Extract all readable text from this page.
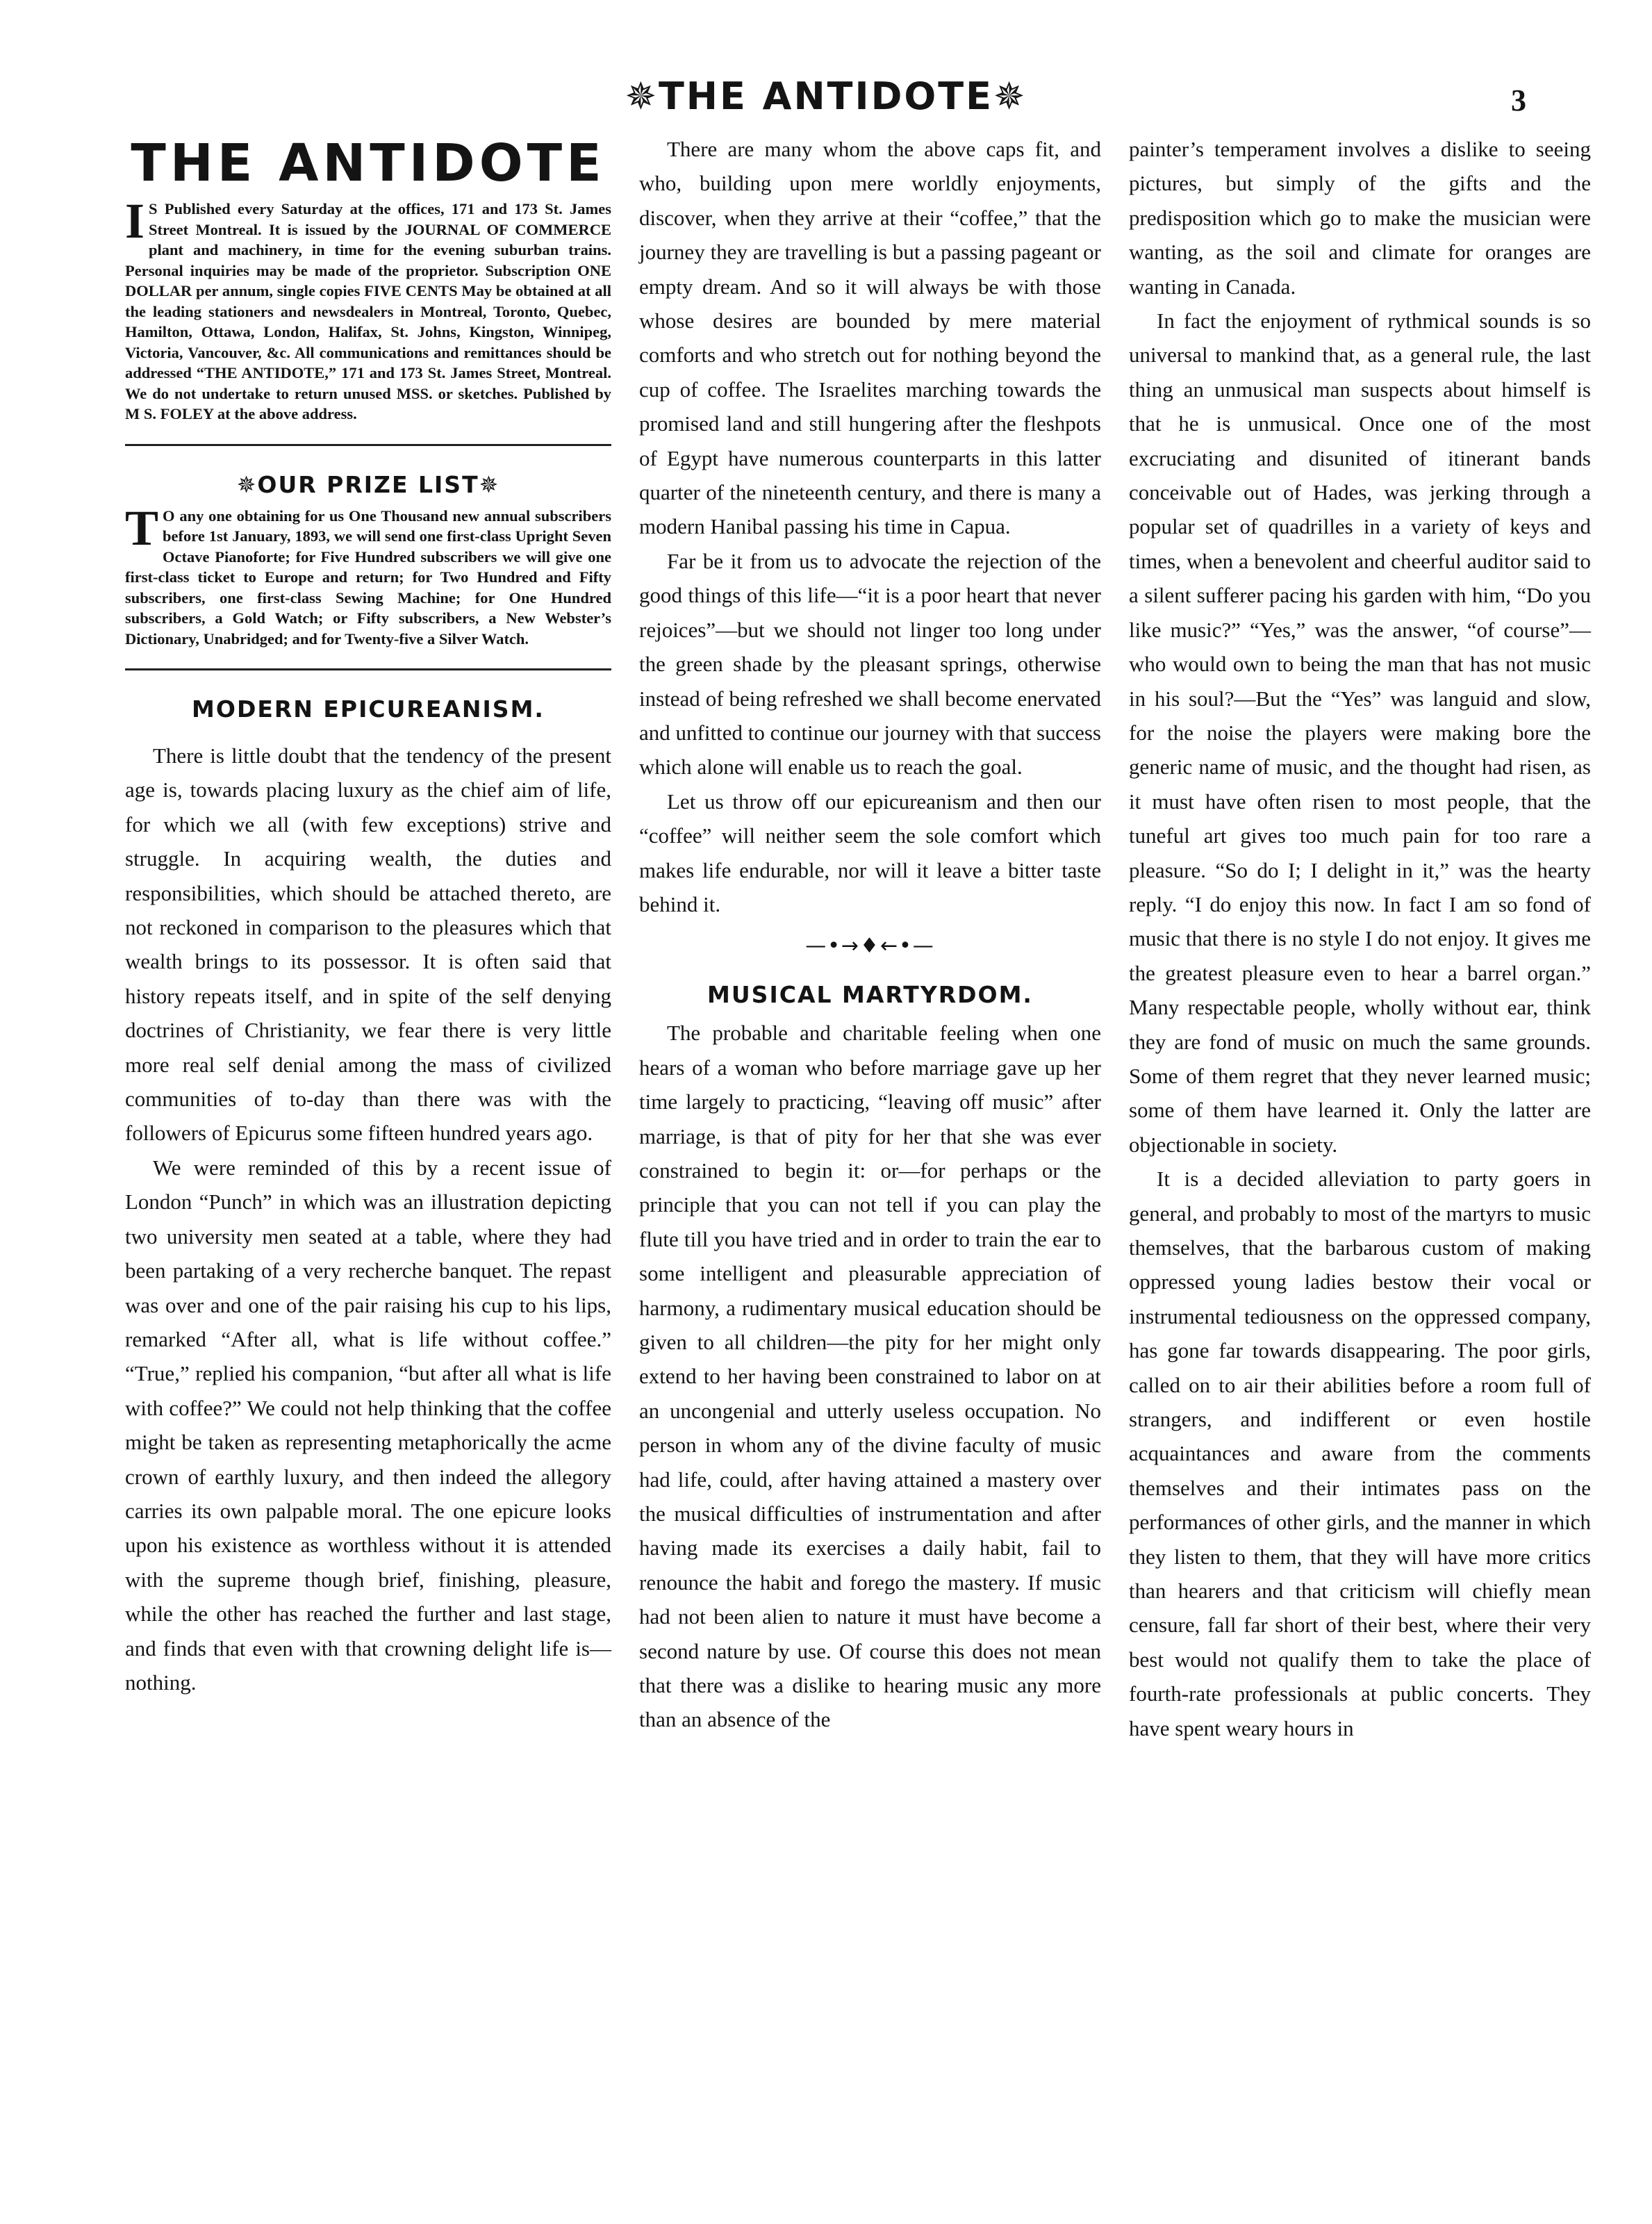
✵THE ANTIDOTE✵	3
THE ANTIDOTE

I S Published every Saturday at the offices, 171 and 173 St. James Street Montreal. It is issued by the JOURNAL OF COMMERCE plant and machinery, in time for the evening suburban trains. Personal inquiries may be made of the proprietor. Subscription ONE DOLLAR per annum, single copies FIVE CENTS May be obtained at all the leading stationers and newsdealers in Montreal, Toronto, Quebec, Hamilton, Ottawa, London, Halifax, St. Johns, Kingston, Winnipeg, Victoria, Vancouver, &c. All communications and remittances should be addressed “THE ANTIDOTE,” 171 and 173 St. James Street, Montreal. We do not undertake to return unused MSS. or sketches. Published by M S. FOLEY at the above address.

✵OUR PRIZE LIST✵

T O any one obtaining for us One Thousand new annual subscribers before 1st January, 1893, we will send one first-class Upright Seven Octave Pianoforte; for Five Hundred subscribers we will give one first-class ticket to Europe and return; for Two Hundred and Fifty subscribers, one first-class Sewing Machine; for One Hundred subscribers, a Gold Watch; or Fifty subscribers, a New Webster’s Dictionary, Unabridged; and for Twenty-five a Silver Watch.

MODERN EPICUREANISM.

There is little doubt that the tendency of the present age is, towards placing luxury as the chief aim of life, for which we all (with few exceptions) strive and struggle. In acquiring wealth, the duties and responsibilities, which should be attached thereto, are not reckoned in comparison to the pleasures which that wealth brings to its possessor. It is often said that history repeats itself, and in spite of the self denying doctrines of Christianity, we fear there is very little more real self denial among the mass of civilized communities of to-day than there was with the followers of Epicurus some fifteen hundred years ago.

We were reminded of this by a recent issue of London “Punch” in which was an illustration depicting two university men seated at a table, where they had been partaking of a very recherche banquet. The repast was over and one of the pair raising his cup to his lips, remarked “After all, what is life without coffee.” “True,” replied his companion, “but after all what is life with coffee?” We could not help thinking that the coffee might be taken as representing metaphorically the acme crown of earthly luxury, and then indeed the allegory carries its own palpable moral. The one epicure looks upon his existence as worthless without it is attended with the supreme though brief, finishing, pleasure, while the other has reached the further and last stage, and finds that even with that crowning delight life is—nothing.

There are many whom the above caps fit, and who, building upon mere worldly enjoyments, discover, when they arrive at their “coffee,” that the journey they are travelling is but a passing pageant or empty dream. And so it will always be with those whose desires are bounded by mere material comforts and who stretch out for nothing beyond the cup of coffee. The Israelites marching towards the promised land and still hungering after the fleshpots of Egypt have numerous counterparts in this latter quarter of the nineteenth century, and there is many a modern Hanibal passing his time in Capua.

Far be it from us to advocate the rejection of the good things of this life—“it is a poor heart that never rejoices”—but we should not linger too long under the green shade by the pleasant springs, otherwise instead of being refreshed we shall become enervated and unfitted to continue our journey with that success which alone will enable us to reach the goal.

Let us throw off our epicureanism and then our “coffee” will neither seem the sole comfort which makes life endurable, nor will it leave a bitter taste behind it.

—•→♦←•—
MUSICAL MARTYRDOM.

The probable and charitable feeling when one hears of a woman who before marriage gave up her time largely to practicing, “leaving off music” after marriage, is that of pity for her that she was ever constrained to begin it: or—for perhaps or the principle that you can not tell if you can play the flute till you have tried and in order to train the ear to some intelligent and pleasurable appreciation of harmony, a rudimentary musical education should be given to all children—the pity for her might only extend to her having been constrained to labor on at an uncongenial and utterly useless occupation. No person in whom any of the divine faculty of music had life, could, after having attained a mastery over the musical difficulties of instrumentation and after having made its exercises a daily habit, fail to renounce the habit and forego the mastery. If music had not been alien to nature it must have become a second nature by use. Of course this does not mean that there was a dislike to hearing music any more than an absence of the

painter’s temperament involves a dislike to seeing pictures, but simply of the gifts and the predisposition which go to make the musician were wanting, as the soil and climate for oranges are wanting in Canada.

In fact the enjoyment of rythmical sounds is so universal to mankind that, as a general rule, the last thing an unmusical man suspects about himself is that he is unmusical. Once one of the most excruciating and disunited of itinerant bands conceivable out of Hades, was jerking through a popular set of quadrilles in a variety of keys and times, when a benevolent and cheerful auditor said to a silent sufferer pacing his garden with him, “Do you like music?” “Yes,” was the answer, “of course”—who would own to being the man that has not music in his soul?—But the “Yes” was languid and slow, for the noise the players were making bore the generic name of music, and the thought had risen, as it must have often risen to most people, that the tuneful art gives too much pain for too rare a pleasure. “So do I; I delight in it,” was the hearty reply. “I do enjoy this now. In fact I am so fond of music that there is no style I do not enjoy. It gives me the greatest pleasure even to hear a barrel organ.” Many respectable people, wholly without ear, think they are fond of music on much the same grounds. Some of them regret that they never learned music; some of them have learned it. Only the latter are objectionable in society.

It is a decided alleviation to party goers in general, and probably to most of the martyrs to music themselves, that the barbarous custom of making oppressed young ladies bestow their vocal or instrumental tediousness on the oppressed company, has gone far towards disappearing. The poor girls, called on to air their abilities before a room full of strangers, and indifferent or even hostile acquaintances and aware from the comments themselves and their intimates pass on the performances of other girls, and the manner in which they listen to them, that they will have more critics than hearers and that criticism will chiefly mean censure, fall far short of their best, where their very best would not qualify them to take the place of fourth-rate professionals at public concerts. They have spent weary hours in
